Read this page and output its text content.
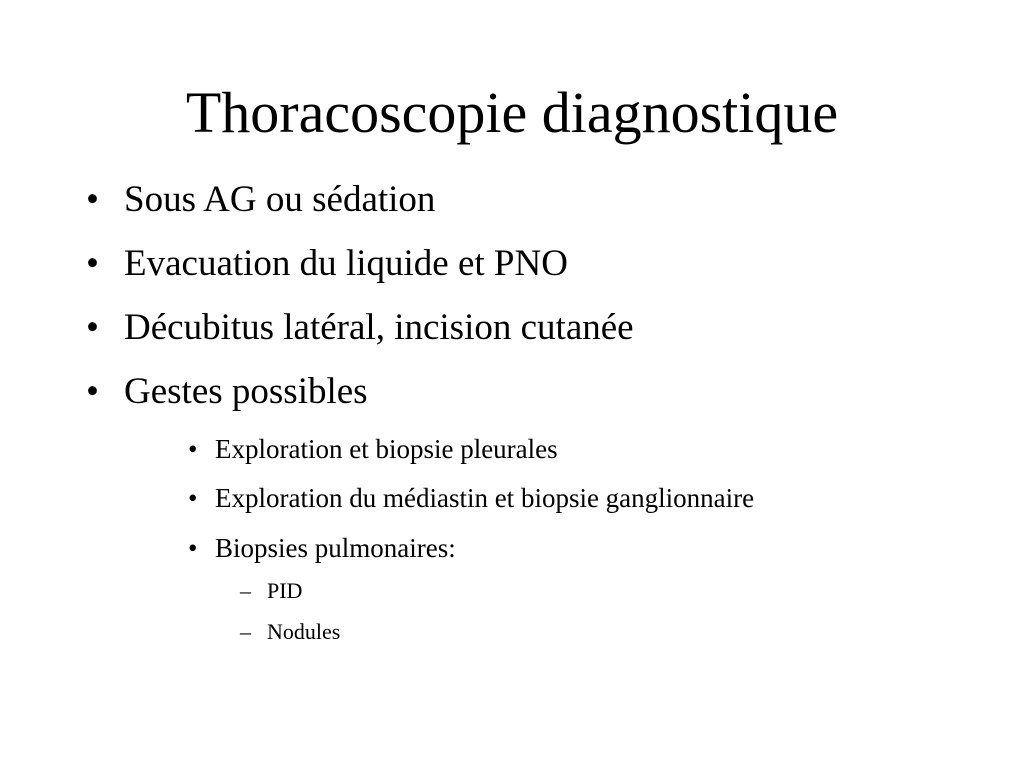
Thoracoscopie diagnostique
• Sous AG ou sédation
• Evacuation du liquide et PNO
• Décubitus latéral, incision cutanée
• Gestes possibles
• Exploration et biopsie pleurales
• Exploration du médiastin et biopsie ganglionnaire
• Biopsies pulmonaires:
– PID
– Nodules
